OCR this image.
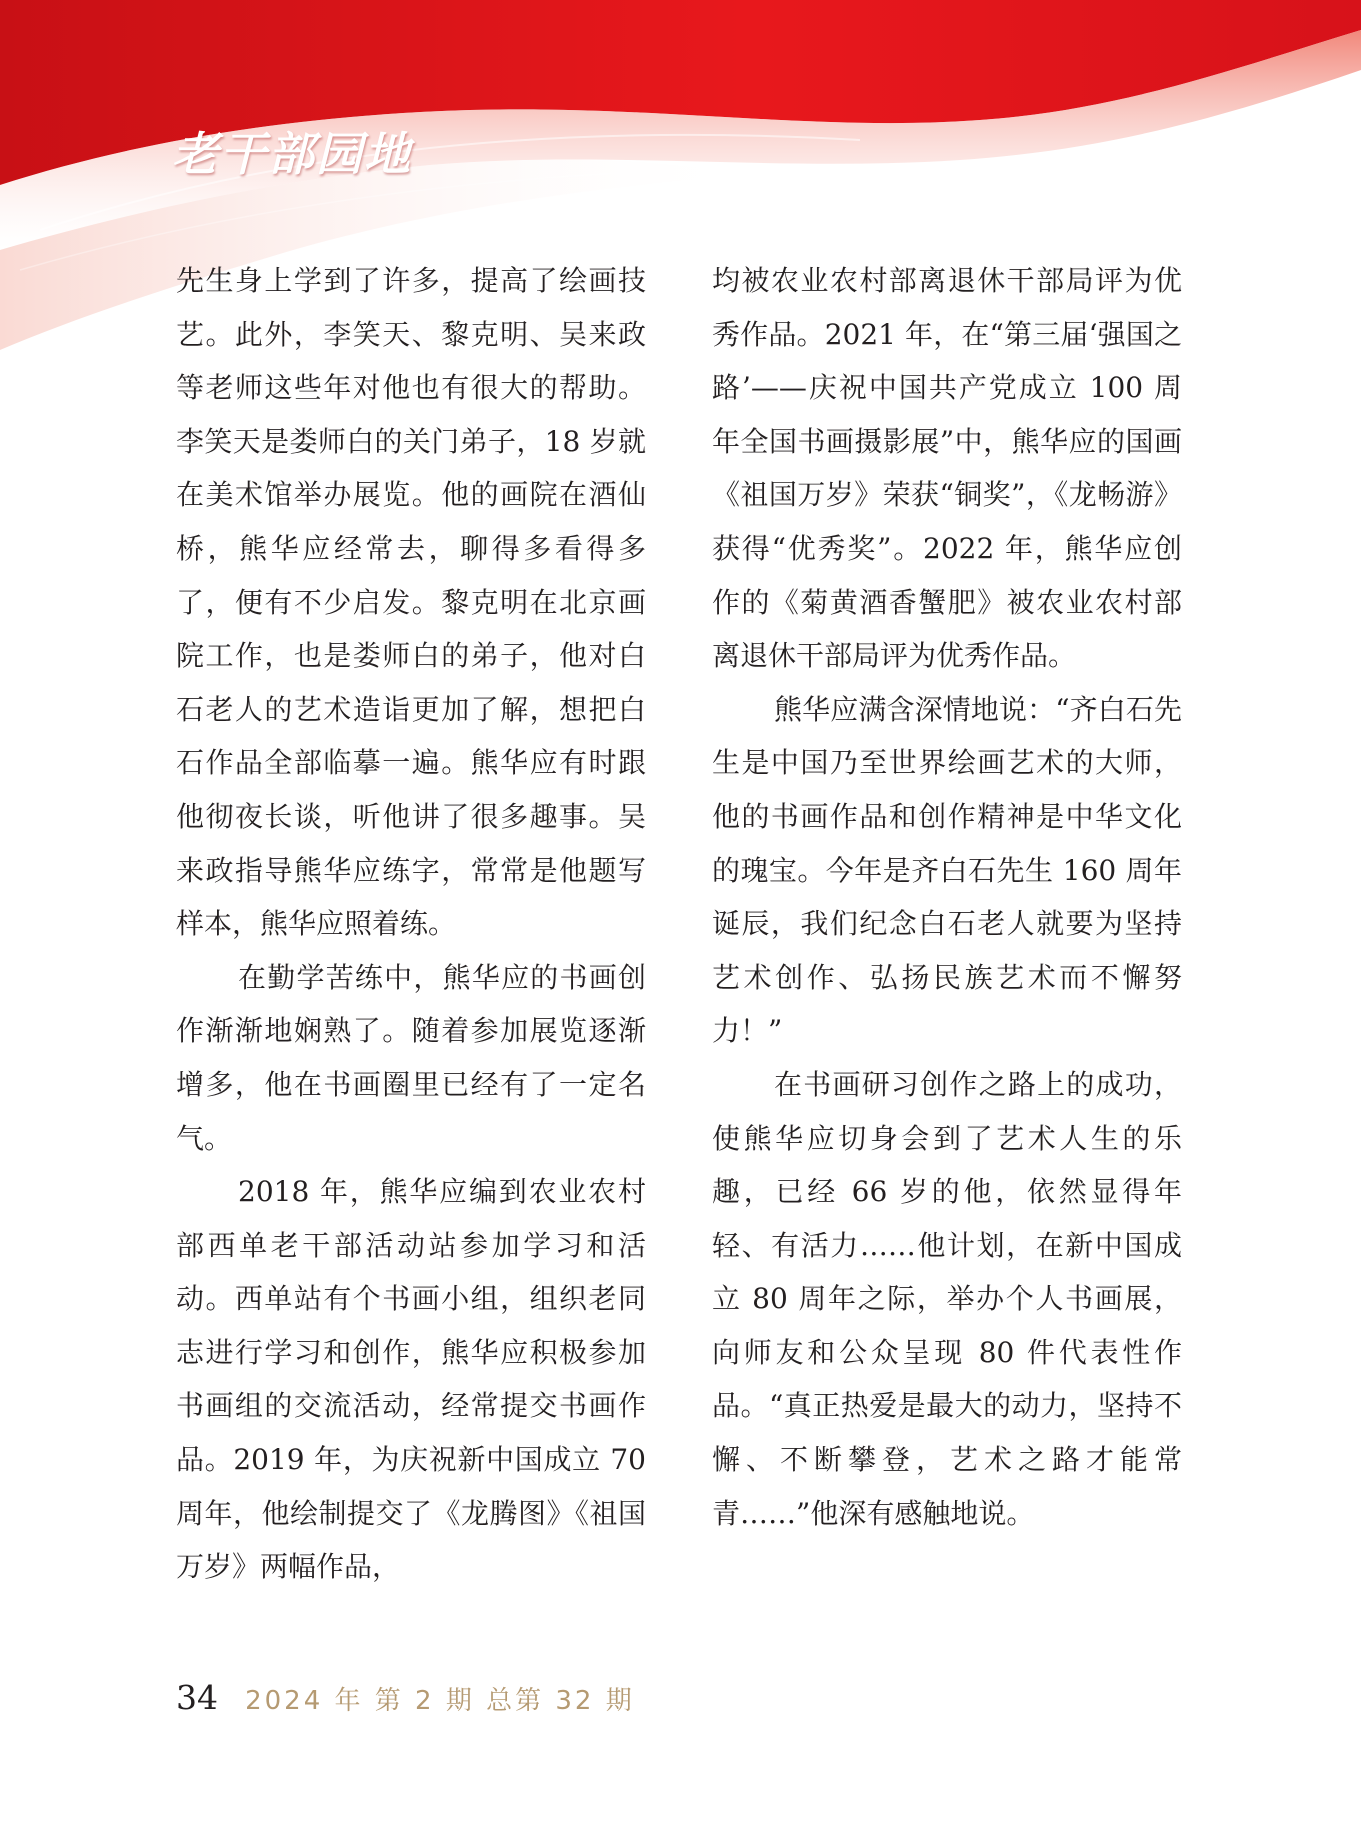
老干部园地

先生身上学到了许多，提高了绘画技艺。此外，李笑天、黎克明、吴来政等老师这些年对他也有很大的帮助。李笑天是娄师白的关门弟子，18 岁就在美术馆举办展览。他的画院在酒仙桥，熊华应经常去，聊得多看得多了，便有不少启发。黎克明在北京画院工作，也是娄师白的弟子，他对白石老人的艺术造诣更加了解，想把白石作品全部临摹一遍。熊华应有时跟他彻夜长谈，听他讲了很多趣事。吴来政指导熊华应练字，常常是他题写样本，熊华应照着练。

在勤学苦练中，熊华应的书画创作渐渐地娴熟了。随着参加展览逐渐增多，他在书画圈里已经有了一定名气。

2018 年，熊华应编到农业农村部西单老干部活动站参加学习和活动。西单站有个书画小组，组织老同志进行学习和创作，熊华应积极参加书画组的交流活动，经常提交书画作品。2019 年，为庆祝新中国成立 70 周年，他绘制提交了《龙腾图》《祖国万岁》两幅作品，

均被农业农村部离退休干部局评为优秀作品。2021 年，在“第三届‘强国之路’——庆祝中国共产党成立 100 周年全国书画摄影展”中，熊华应的国画《祖国万岁》荣获“铜奖”，《龙畅游》获得“优秀奖”。2022 年，熊华应创作的《菊黄酒香蟹肥》被农业农村部离退休干部局评为优秀作品。

熊华应满含深情地说：“齐白石先生是中国乃至世界绘画艺术的大师，他的书画作品和创作精神是中华文化的瑰宝。今年是齐白石先生 160 周年诞辰，我们纪念白石老人就要为坚持艺术创作、弘扬民族艺术而不懈努力！”

在书画研习创作之路上的成功，使熊华应切身会到了艺术人生的乐趣，已经 66 岁的他，依然显得年轻、有活力……他计划，在新中国成立 80 周年之际，举办个人书画展，向师友和公众呈现 80 件代表性作品。“真正热爱是最大的动力，坚持不懈、不断攀登，艺术之路才能常青……”他深有感触地说。

34 2024 年 第 2 期 总第 32 期
